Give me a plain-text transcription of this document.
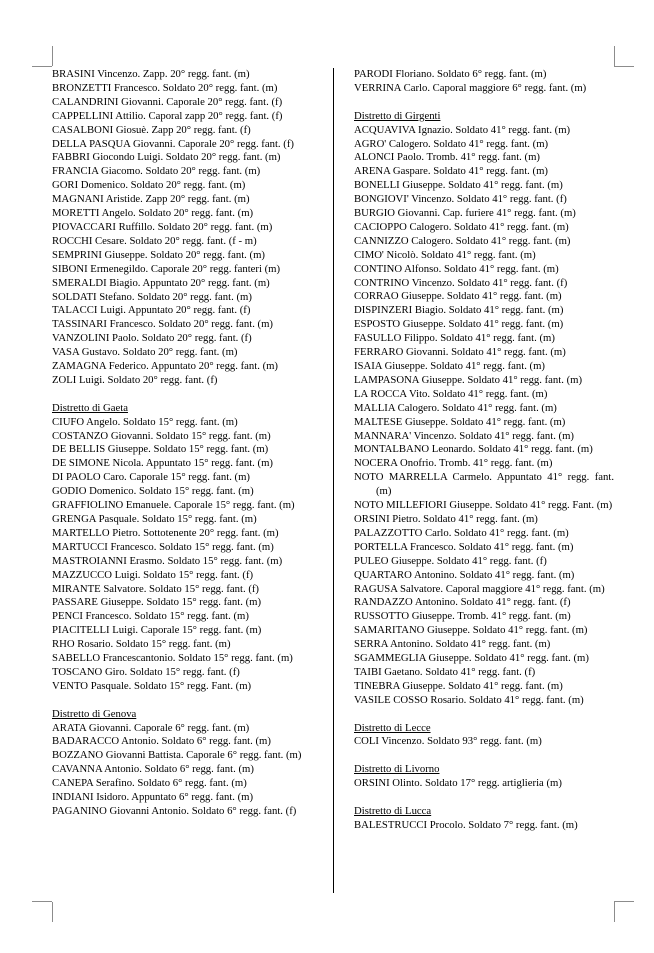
BRASINI Vincenzo. Zapp. 20° regg. fant. (m)
BRONZETTI Francesco. Soldato 20° regg. fant. (m)
CALANDRINI Giovanni. Caporale 20° regg. fant. (f)
CAPPELLINI Attilio. Caporal zapp 20° regg. fant. (f)
CASALBONI Giosuè. Zapp 20° regg. fant. (f)
DELLA PASQUA Giovanni. Caporale 20° regg. fant. (f)
FABBRI Giocondo Luigi. Soldato 20° regg. fant. (m)
FRANCIA Giacomo. Soldato 20° regg. fant. (m)
GORI Domenico. Soldato 20° regg. fant. (m)
MAGNANI Aristide. Zapp 20° regg. fant. (m)
MORETTI Angelo. Soldato 20° regg. fant. (m)
PIOVACCARI Ruffillo. Soldato 20° regg. fant. (m)
ROCCHI Cesare. Soldato 20° regg. fant. (f - m)
SEMPRINI Giuseppe. Soldato 20° regg. fant. (m)
SIBONI Ermenegildo. Caporale 20° regg. fanteri (m)
SMERALDI Biagio. Appuntato 20° regg. fant. (m)
SOLDATI Stefano. Soldato 20° regg. fant. (m)
TALACCI Luigi. Appuntato 20° regg. fant. (f)
TASSINARI Francesco. Soldato 20° regg. fant. (m)
VANZOLINI Paolo. Soldato 20° regg. fant. (f)
VASA Gustavo. Soldato 20° regg. fant. (m)
ZAMAGNA Federico. Appuntato 20° regg. fant. (m)
ZOLI Luigi. Soldato 20° regg. fant. (f)
Distretto di Gaeta
CIUFO Angelo. Soldato 15° regg. fant. (m)
COSTANZO Giovanni. Soldato 15° regg. fant. (m)
DE BELLIS Giuseppe. Soldato 15° regg. fant. (m)
DE SIMONE Nicola. Appuntato 15° regg. fant. (m)
DI PAOLO Caro. Caporale 15° regg. fant. (m)
GODIO Domenico. Soldato 15° regg. fant. (m)
GRAFFIOLINO Emanuele. Caporale 15° regg. fant. (m)
GRENGA Pasquale. Soldato 15° regg. fant. (m)
MARTELLO Pietro. Sottotenente 20° regg. fant. (m)
MARTUCCI Francesco. Soldato 15° regg. fant. (m)
MASTROIANNI Erasmo. Soldato 15° regg. fant. (m)
MAZZUCCO Luigi. Soldato 15° regg. fant. (f)
MIRANTE Salvatore. Soldato 15° regg. fant. (f)
PASSARE Giuseppe. Soldato 15° regg. fant. (m)
PENCI Francesco. Soldato 15° regg. fant. (m)
PIACITELLI Luigi. Caporale 15° regg. fant. (m)
RHO Rosario. Soldato 15° regg. fant. (m)
SABELLO Francescantonio. Soldato 15° regg. fant. (m)
TOSCANO Giro. Soldato 15° regg. fant. (f)
VENTO Pasquale. Soldato 15° regg. Fant. (m)
Distretto di Genova
ARATA Giovanni. Caporale 6° regg. fant. (m)
BADARACCO Antonio. Soldato 6° regg. fant. (m)
BOZZANO Giovanni Battista. Caporale 6° regg. fant. (m)
CAVANNA Antonio. Soldato 6° regg. fant. (m)
CANEPA Serafino. Soldato 6° regg. fant. (m)
INDIANI Isidoro. Appuntato 6° regg. fant. (m)
PAGANINO Giovanni Antonio. Soldato 6° regg. fant. (f)
PARODI Floriano. Soldato 6° regg. fant. (m)
VERRINA Carlo. Caporal maggiore 6° regg. fant. (m)
Distretto di Girgenti
ACQUAVIVA Ignazio. Soldato 41° regg. fant. (m)
AGRO' Calogero. Soldato 41° regg. fant. (m)
ALONCI Paolo. Tromb. 41° regg. fant. (m)
ARENA Gaspare. Soldato 41° regg. fant. (m)
BONELLI Giuseppe. Soldato 41° regg. fant. (m)
BONGIOVI' Vincenzo. Soldato 41° regg. fant. (f)
BURGIO Giovanni. Cap. furiere 41° regg. fant. (m)
CACIOPPO Calogero. Soldato 41° regg. fant. (m)
CANNIZZO Calogero. Soldato 41° regg. fant. (m)
CIMO' Nicolò. Soldato 41° regg. fant. (m)
CONTINO Alfonso. Soldato 41° regg. fant. (m)
CONTRINO Vincenzo. Soldato 41° regg. fant. (f)
CORRAO Giuseppe. Soldato 41° regg. fant. (m)
DISPINZERI Biagio. Soldato 41° regg. fant. (m)
ESPOSTO Giuseppe. Soldato 41° regg. fant. (m)
FASULLO Filippo. Soldato 41° regg. fant. (m)
FERRARO Giovanni. Soldato 41° regg. fant. (m)
ISAIA Giuseppe. Soldato 41° regg. fant. (m)
LAMPASONA Giuseppe. Soldato 41° regg. fant. (m)
LA ROCCA Vito. Soldato 41° regg. fant. (m)
MALLIA Calogero. Soldato 41° regg. fant. (m)
MALTESE Giuseppe. Soldato 41° regg. fant. (m)
MANNARA' Vincenzo. Soldato 41° regg. fant. (m)
MONTALBANO Leonardo. Soldato 41° regg. fant. (m)
NOCERA Onofrio. Tromb. 41° regg. fant. (m)
NOTO MARRELLA Carmelo. Appuntato 41° regg. fant. (m)
NOTO MILLEFIORI Giuseppe. Soldato 41° regg. Fant. (m)
ORSINI Pietro. Soldato 41° regg. fant. (m)
PALAZZOTTO Carlo. Soldato 41° regg. fant. (m)
PORTELLA Francesco. Soldato 41° regg. fant. (m)
PULEO Giuseppe. Soldato 41° regg. fant. (f)
QUARTARO Antonino. Soldato 41° regg. fant. (m)
RAGUSA Salvatore. Caporal maggiore 41° regg. fant. (m)
RANDAZZO Antonino. Soldato 41° regg. fant. (f)
RUSSOTTO Giuseppe. Tromb. 41° regg. fant. (m)
SAMARITANO Giuseppe. Soldato 41° regg. fant. (m)
SERRA Antonino. Soldato 41° regg. fant. (m)
SGAMMEGLIA Giuseppe. Soldato 41° regg. fant. (m)
TAIBI Gaetano. Soldato 41° regg. fant. (f)
TINEBRA Giuseppe. Soldato 41° regg. fant. (m)
VASILE COSSO Rosario. Soldato 41° regg. fant. (m)
Distretto di Lecce
COLI Vincenzo. Soldato 93° regg. fant. (m)
Distretto di Livorno
ORSINI Olinto. Soldato 17° regg. artiglieria (m)
Distretto di Lucca
BALESTRUCCI Procolo. Soldato 7° regg. fant. (m)
